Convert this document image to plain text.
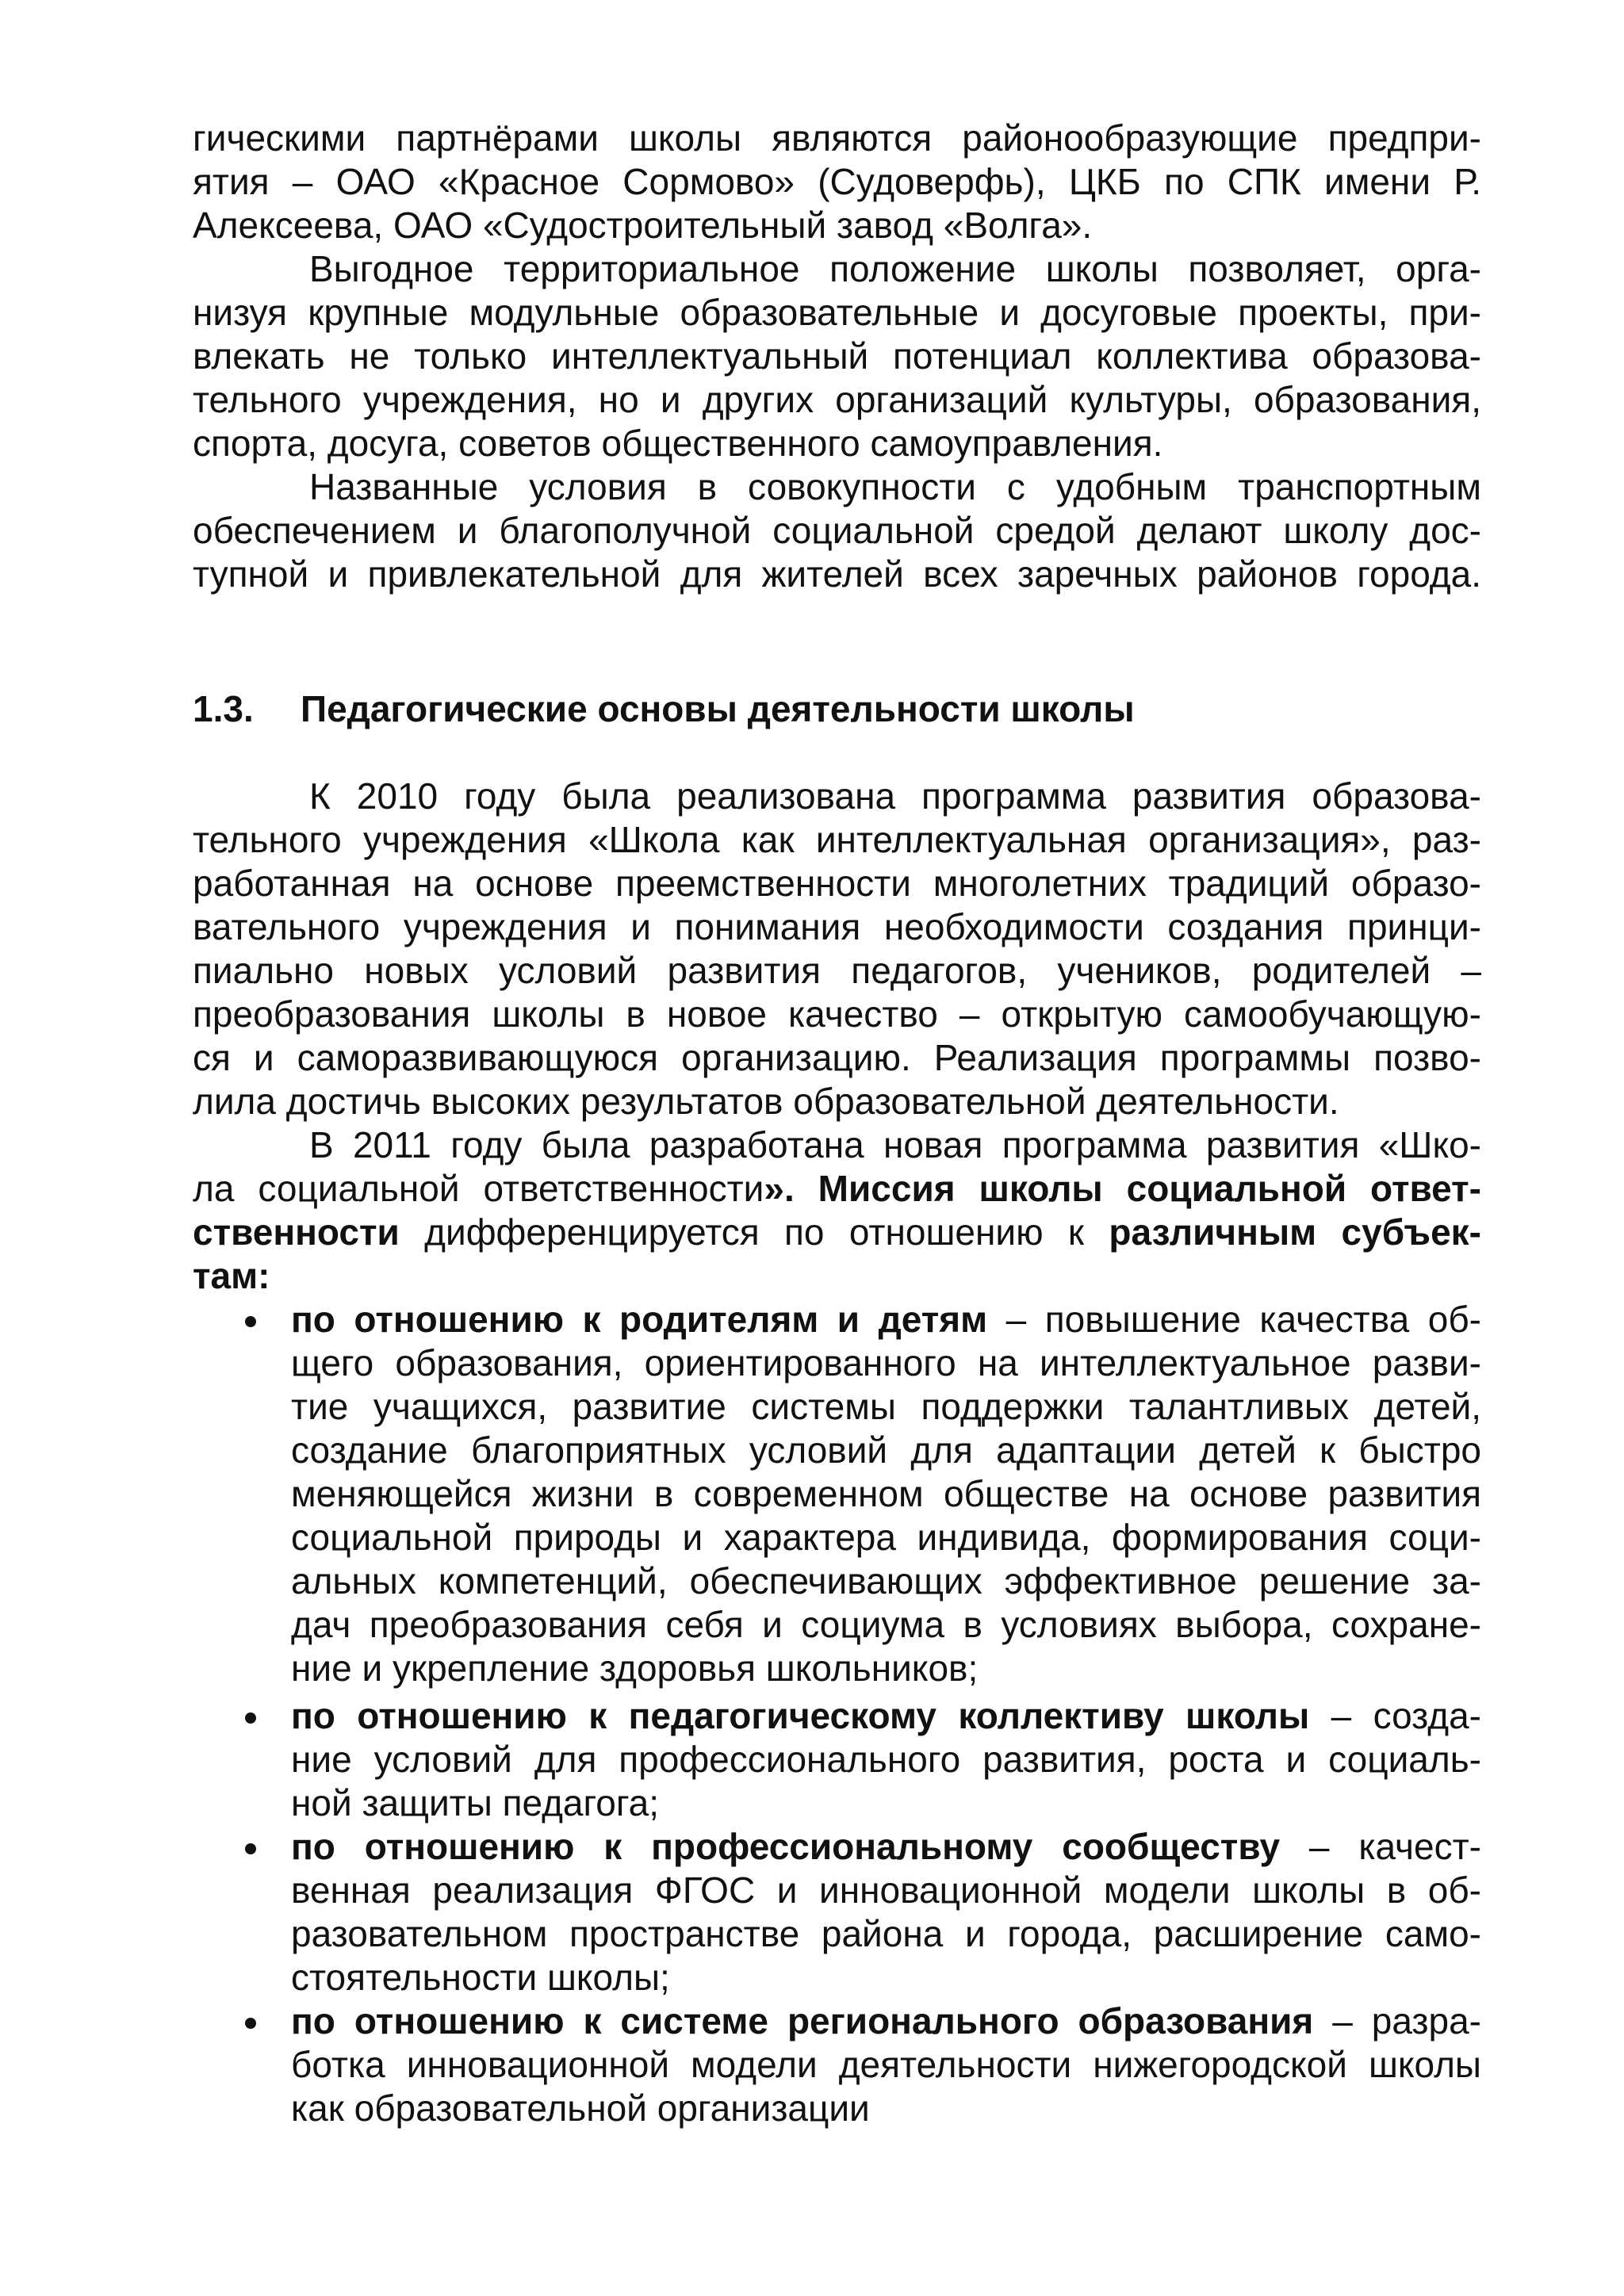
гическими партнёрами школы являются районообразующие предпри-
ятия – ОАО «Красное Сормово» (Судоверфь), ЦКБ по СПК имени Р.
Алексеева, ОАО «Судостроительный завод «Волга».
Выгодное территориальное положение школы позволяет, орга-
низуя крупные модульные образовательные и досуговые проекты, при-
влекать не только интеллектуальный потенциал коллектива образова-
тельного учреждения, но и других организаций культуры, образования,
спорта, досуга, советов общественного самоуправления.
Названные условия в совокупности с удобным транспортным
обеспечением и благополучной социальной средой делают школу дос-
тупной и привлекательной для жителей всех заречных районов города.
1.3. Педагогические основы деятельности школы
К 2010 году была реализована программа развития образова-
тельного учреждения «Школа как интеллектуальная организация», раз-
работанная на основе преемственности многолетних традиций образо-
вательного учреждения и понимания необходимости создания принци-
пиально новых условий развития педагогов, учеников, родителей –
преобразования школы в новое качество – открытую самообучающую-
ся и саморазвивающуюся организацию. Реализация программы позво-
лила достичь высоких результатов образовательной деятельности.
В 2011 году была разработана новая программа развития «Шко-
ла социальной ответственности». Миссия школы социальной ответ-
ственности дифференцируется по отношению к различным субъек-
там:
по отношению к родителям и детям – повышение качества об-
щего образования, ориентированного на интеллектуальное разви-
тие учащихся, развитие системы поддержки талантливых детей,
создание благоприятных условий для адаптации детей к быстро
меняющейся жизни в современном обществе на основе развития
социальной природы и характера индивида, формирования соци-
альных компетенций, обеспечивающих эффективное решение за-
дач преобразования себя и социума в условиях выбора, сохране-
ние и укрепление здоровья школьников;
по отношению к педагогическому коллективу школы – созда-
ние условий для профессионального развития, роста и социаль-
ной защиты педагога;
по отношению к профессиональному сообществу – качест-
венная реализация ФГОС и инновационной модели школы в об-
разовательном пространстве района и города, расширение само-
стоятельности школы;
по отношению к системе регионального образования – разра-
ботка инновационной модели деятельности нижегородской школы
как образовательной организации
